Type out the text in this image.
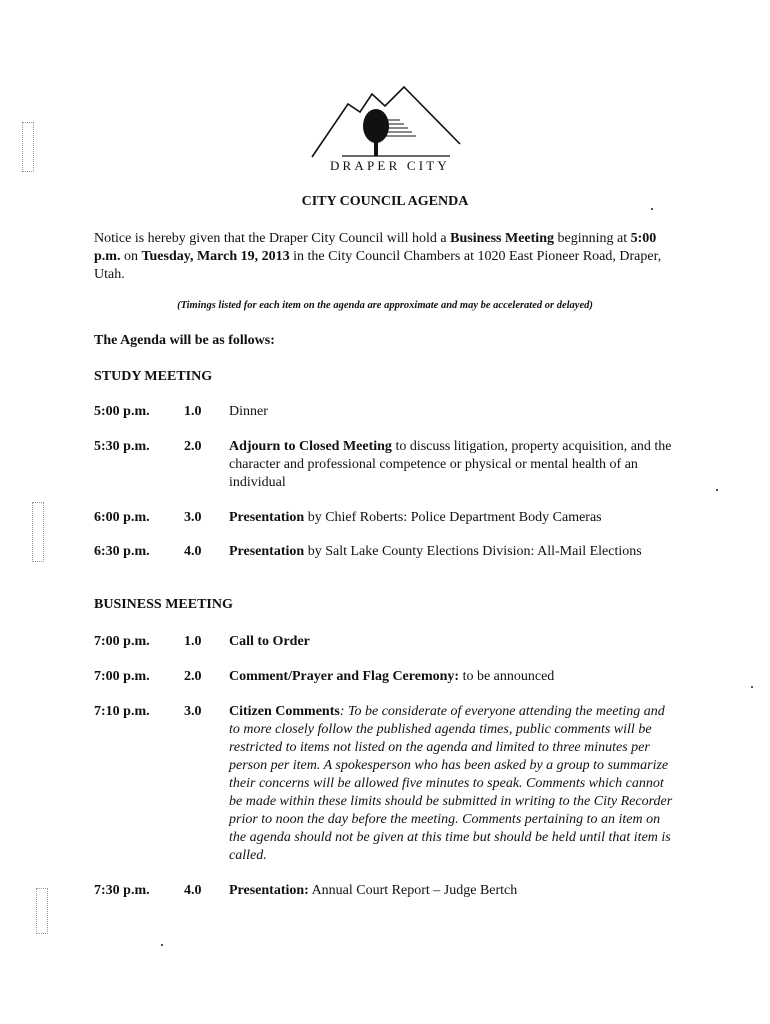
DRAPER CITY
CITY COUNCIL AGENDA
Notice is hereby given that the Draper City Council will hold a Business Meeting beginning at 5:00 p.m. on Tuesday, March 19, 2013 in the City Council Chambers at 1020 East Pioneer Road, Draper, Utah.
(Timings listed for each item on the agenda are approximate and may be accelerated or delayed)
The Agenda will be as follows:
STUDY MEETING
5:00 p.m. 1.0 Dinner
5:30 p.m. 2.0 Adjourn to Closed Meeting to discuss litigation, property acquisition, and the character and professional competence or physical or mental health of an individual
6:00 p.m. 3.0 Presentation by Chief Roberts: Police Department Body Cameras
6:30 p.m. 4.0 Presentation by Salt Lake County Elections Division: All-Mail Elections
BUSINESS MEETING
7:00 p.m. 1.0 Call to Order
7:00 p.m. 2.0 Comment/Prayer and Flag Ceremony: to be announced
7:10 p.m. 3.0 Citizen Comments: To be considerate of everyone attending the meeting and to more closely follow the published agenda times, public comments will be restricted to items not listed on the agenda and limited to three minutes per person per item. A spokesperson who has been asked by a group to summarize their concerns will be allowed five minutes to speak. Comments which cannot be made within these limits should be submitted in writing to the City Recorder prior to noon the day before the meeting. Comments pertaining to an item on the agenda should not be given at this time but should be held until that item is called.
7:30 p.m. 4.0 Presentation: Annual Court Report – Judge Bertch
